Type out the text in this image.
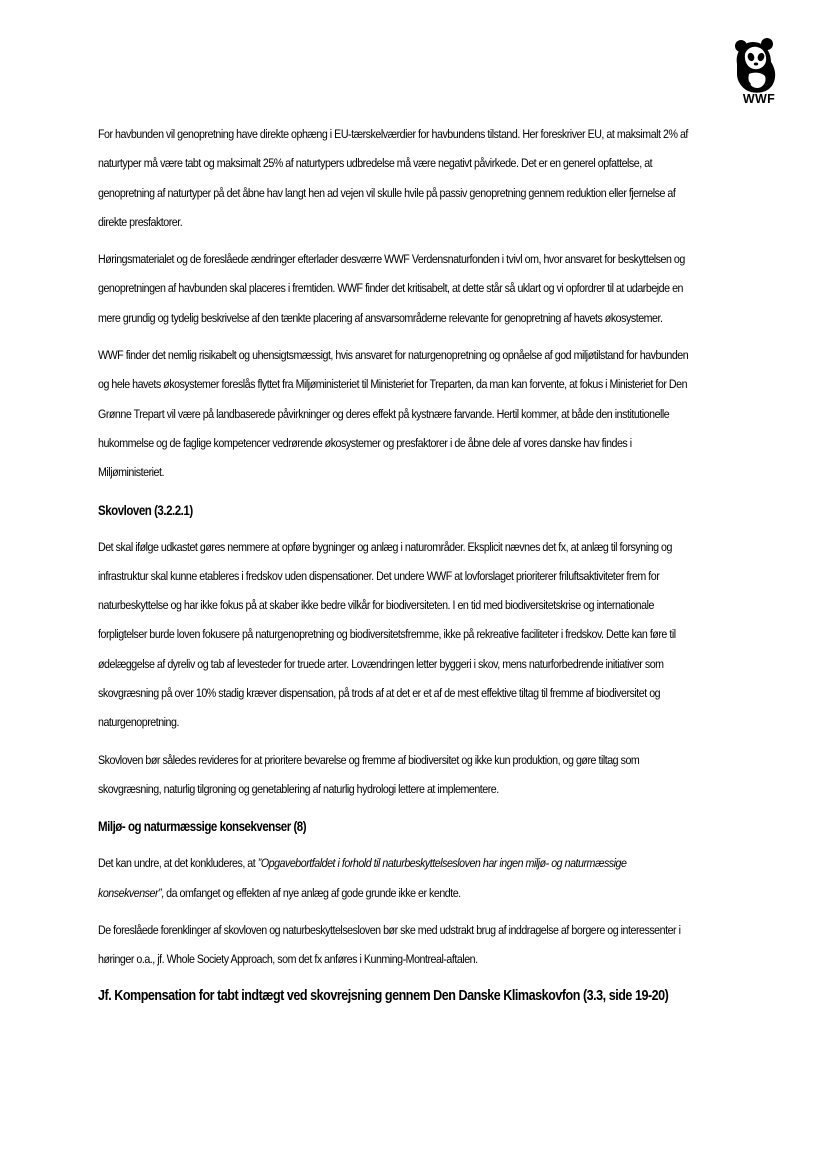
WWF

For havbunden vil genopretning have direkte ophæng i EU-tærskelværdier for havbundens tilstand. Her foreskriver EU, at maksimalt 2% af naturtyper må være tabt og maksimalt 25% af naturtypers udbredelse må være negativt påvirkede. Det er en generel opfattelse, at genopretning af naturtyper på det åbne hav langt hen ad vejen vil skulle hvile på passiv genopretning gennem reduktion eller fjernelse af direkte presfaktorer.

Høringsmaterialet og de foreslåede ændringer efterlader desværre WWF Verdensnaturfonden i tvivl om, hvor ansvaret for beskyttelsen og genopretningen af havbunden skal placeres i fremtiden. WWF finder det kritisabelt, at dette står så uklart og vi opfordrer til at udarbejde en mere grundig og tydelig beskrivelse af den tænkte placering af ansvarsområderne relevante for genopretning af havets økosystemer.

WWF finder det nemlig risikabelt og uhensigtsmæssigt, hvis ansvaret for naturgenopretning og opnåelse af god miljøtilstand for havbunden og hele havets økosystemer foreslås flyttet fra Miljøministeriet til Ministeriet for Treparten, da man kan forvente, at fokus i Ministeriet for Den Grønne Trepart vil være på landbaserede påvirkninger og deres effekt på kystnære farvande. Hertil kommer, at både den institutionelle hukommelse og de faglige kompetencer vedrørende økosystemer og presfaktorer i de åbne dele af vores danske hav findes i Miljøministeriet.

Skovloven (3.2.2.1)

Det skal ifølge udkastet gøres nemmere at opføre bygninger og anlæg i naturområder. Eksplicit nævnes det fx, at anlæg til forsyning og infrastruktur skal kunne etableres i fredskov uden dispensationer. Det undere WWF at lovforslaget prioriterer friluftsaktiviteter frem for naturbeskyttelse og har ikke fokus på at skaber ikke bedre vilkår for biodiversiteten. I en tid med biodiversitetskrise og internationale forpligtelser burde loven fokusere på naturgenopretning og biodiversitetsfremme, ikke på rekreative faciliteter i fredskov. Dette kan føre til ødelæggelse af dyreliv og tab af levesteder for truede arter. Lovændringen letter byggeri i skov, mens naturforbedrende initiativer som skovgræsning på over 10% stadig kræver dispensation, på trods af at det er et af de mest effektive tiltag til fremme af biodiversitet og naturgenopretning.

Skovloven bør således revideres for at prioritere bevarelse og fremme af biodiversitet og ikke kun produktion, og gøre tiltag som skovgræsning, naturlig tilgroning og genetablering af naturlig hydrologi lettere at implementere.

Miljø- og naturmæssige konsekvenser (8)

Det kan undre, at det konkluderes, at ”Opgavebortfaldet i forhold til naturbeskyttelsesloven har ingen miljø- og naturmæssige konsekvenser”, da omfanget og effekten af nye anlæg af gode grunde ikke er kendte.

De foreslåede forenklinger af skovloven og naturbeskyttelsesloven bør ske med udstrakt brug af inddragelse af borgere og interessenter i høringer o.a., jf. Whole Society Approach, som det fx anføres i Kunming-Montreal-aftalen.

Jf. Kompensation for tabt indtægt ved skovrejsning gennem Den Danske Klimaskovfon (3.3, side 19-20)
